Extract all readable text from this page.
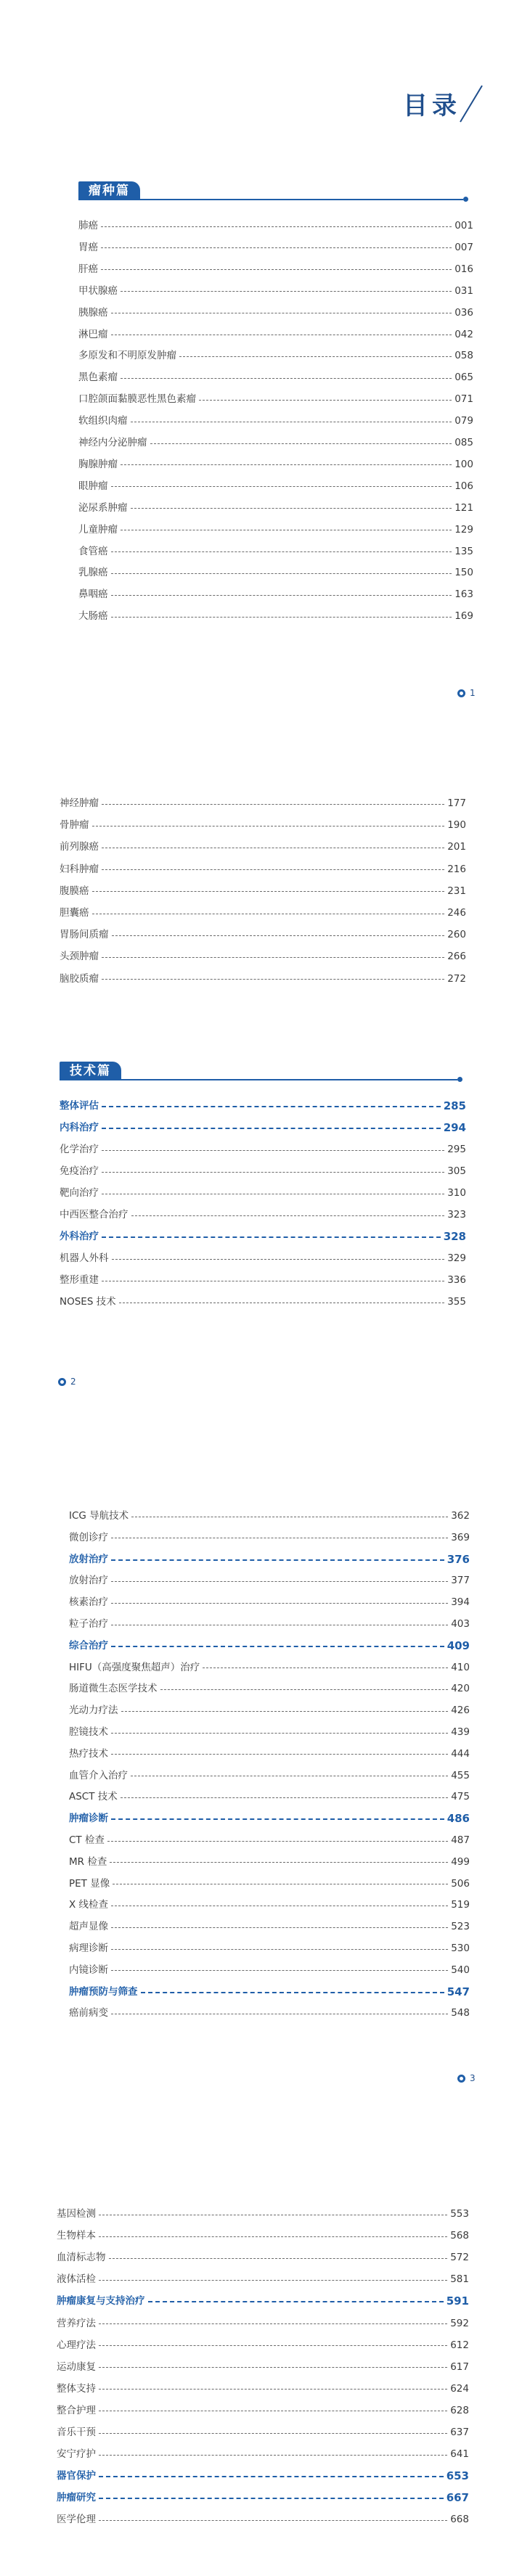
目录
瘤种篇
肺癌	001
胃癌	007
肝癌	016
甲状腺癌	031
胰腺癌	036
淋巴瘤	042
多原发和不明原发肿瘤	058
黑色素瘤	065
口腔颌面黏膜恶性黑色素瘤	071
软组织肉瘤	079
神经内分泌肿瘤	085
胸腺肿瘤	100
眼肿瘤	106
泌尿系肿瘤	121
儿童肿瘤	129
食管癌	135
乳腺癌	150
鼻咽癌	163
大肠癌	169
1
神经肿瘤	177
骨肿瘤	190
前列腺癌	201
妇科肿瘤	216
腹膜癌	231
胆囊癌	246
胃肠间质瘤	260
头颈肿瘤	266
脑胶质瘤	272
技术篇
整体评估	285
内科治疗	294
化学治疗	295
免疫治疗	305
靶向治疗	310
中西医整合治疗	323
外科治疗	328
机器人外科	329
整形重建	336
NOSES 技术	355
2
ICG 导航技术	362
微创诊疗	369
放射治疗	376
放射治疗	377
核素治疗	394
粒子治疗	403
综合治疗	409
HIFU（高强度聚焦超声）治疗	410
肠道微生态医学技术	420
光动力疗法	426
腔镜技术	439
热疗技术	444
血管介入治疗	455
ASCT 技术	475
肿瘤诊断	486
CT 检查	487
MR 检查	499
PET 显像	506
X 线检查	519
超声显像	523
病理诊断	530
内镜诊断	540
肿瘤预防与筛查	547
癌前病变	548
3
基因检测	553
生物样本	568
血清标志物	572
液体活检	581
肿瘤康复与支持治疗	591
营养疗法	592
心理疗法	612
运动康复	617
整体支持	624
整合护理	628
音乐干预	637
安宁疗护	641
器官保护	653
肿瘤研究	667
医学伦理	668
